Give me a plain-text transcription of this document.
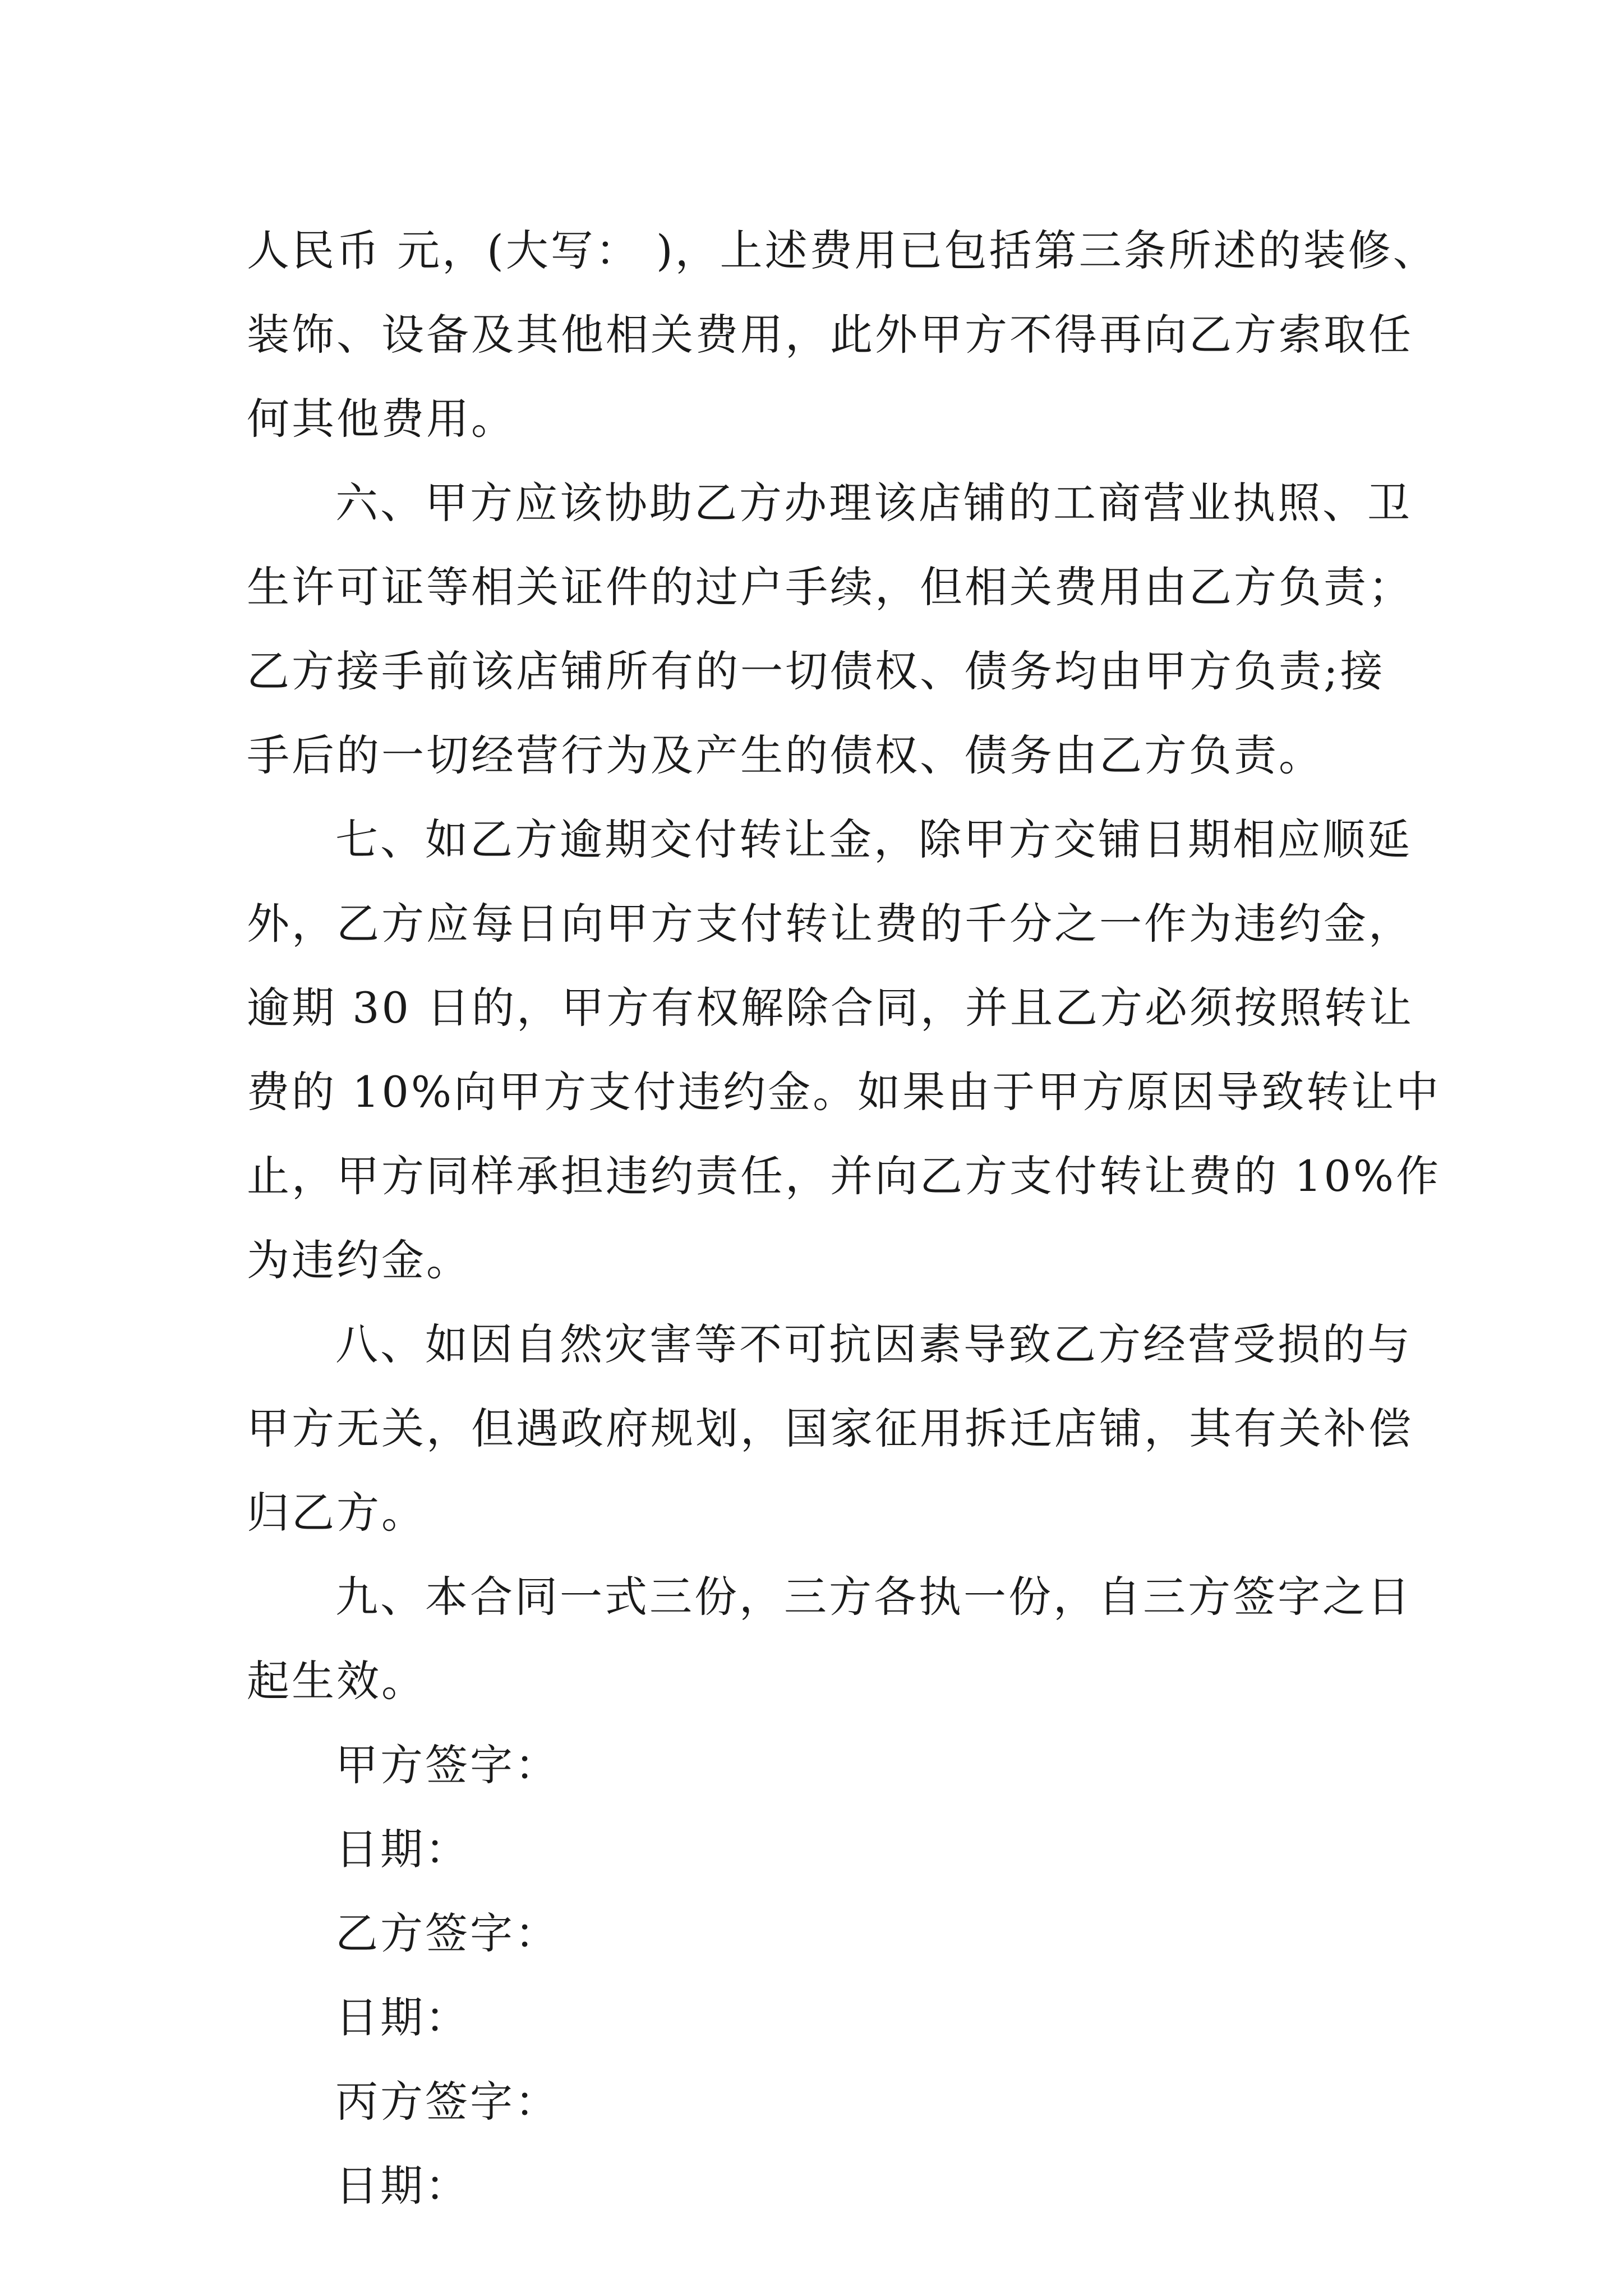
人民币 元，(大写： )，上述费用已包括第三条所述的装修、
装饰、设备及其他相关费用，此外甲方不得再向乙方索取任
何其他费用。
六、甲方应该协助乙方办理该店铺的工商营业执照、卫
生许可证等相关证件的过户手续，但相关费用由乙方负责；
乙方接手前该店铺所有的一切债权、债务均由甲方负责;接
手后的一切经营行为及产生的债权、债务由乙方负责。
七、如乙方逾期交付转让金，除甲方交铺日期相应顺延
外，乙方应每日向甲方支付转让费的千分之一作为违约金，
逾期 30 日的，甲方有权解除合同，并且乙方必须按照转让
费的 10%向甲方支付违约金。如果由于甲方原因导致转让中
止，甲方同样承担违约责任，并向乙方支付转让费的 10%作
为违约金。
八、如因自然灾害等不可抗因素导致乙方经营受损的与
甲方无关，但遇政府规划，国家征用拆迁店铺，其有关补偿
归乙方。
九、本合同一式三份，三方各执一份，自三方签字之日
起生效。
甲方签字：
日期：
乙方签字：
日期：
丙方签字：
日期：
